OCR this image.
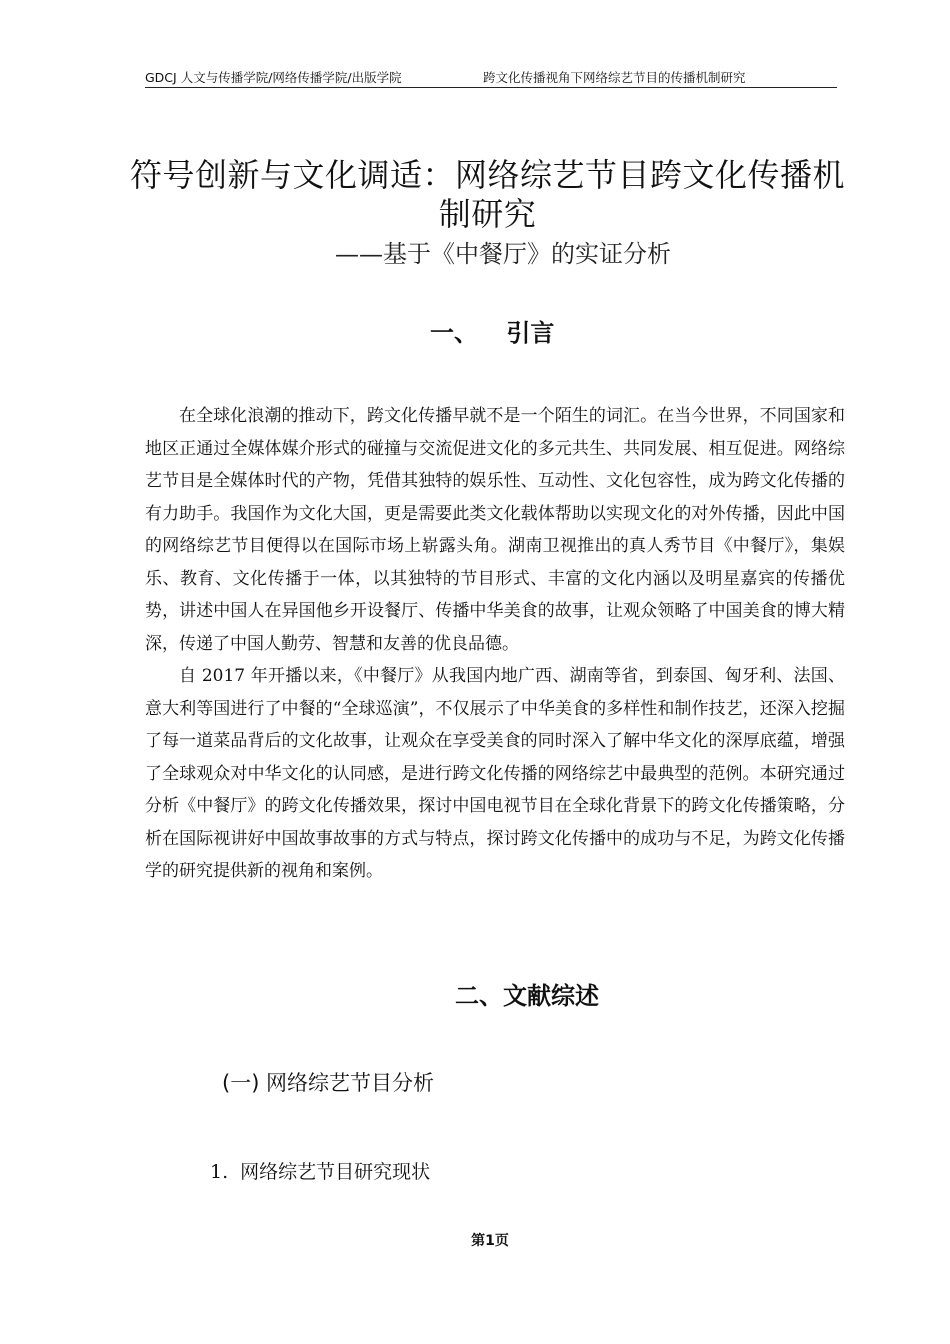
GDCJ 人文与传播学院/网络传播学院/出版学院	跨文化传播视角下网络综艺节目的传播机制研究
符号创新与文化调适：网络综艺节目跨文化传播机制研究
——基于《中餐厅》的实证分析
一、 引言

在全球化浪潮的推动下，跨文化传播早就不是一个陌生的词汇。在当今世界，不同国家和地区正通过全媒体媒介形式的碰撞与交流促进文化的多元共生、共同发展、相互促进。网络综艺节目是全媒体时代的产物，凭借其独特的娱乐性、互动性、文化包容性，成为跨文化传播的有力助手。我国作为文化大国，更是需要此类文化载体帮助以实现文化的对外传播，因此中国的网络综艺节目便得以在国际市场上崭露头角。湖南卫视推出的真人秀节目《中餐厅》，集娱乐、教育、文化传播于一体，以其独特的节目形式、丰富的文化内涵以及明星嘉宾的传播优势，讲述中国人在异国他乡开设餐厅、传播中华美食的故事，让观众领略了中国美食的博大精深，传递了中国人勤劳、智慧和友善的优良品德。

自 2017 年开播以来，《中餐厅》从我国内地广西、湖南等省，到泰国、匈牙利、法国、意大利等国进行了中餐的“全球巡演”，不仅展示了中华美食的多样性和制作技艺，还深入挖掘了每一道菜品背后的文化故事，让观众在享受美食的同时深入了解中华文化的深厚底蕴，增强了全球观众对中华文化的认同感，是进行跨文化传播的网络综艺中最典型的范例。本研究通过分析《中餐厅》的跨文化传播效果，探讨中国电视节目在全球化背景下的跨文化传播策略，分析在国际视讲好中国故事故事的方式与特点，探讨跨文化传播中的成功与不足，为跨文化传播学的研究提供新的视角和案例。

二、文献综述
(一) 网络综艺节目分析
1. 网络综艺节目研究现状
第1页
